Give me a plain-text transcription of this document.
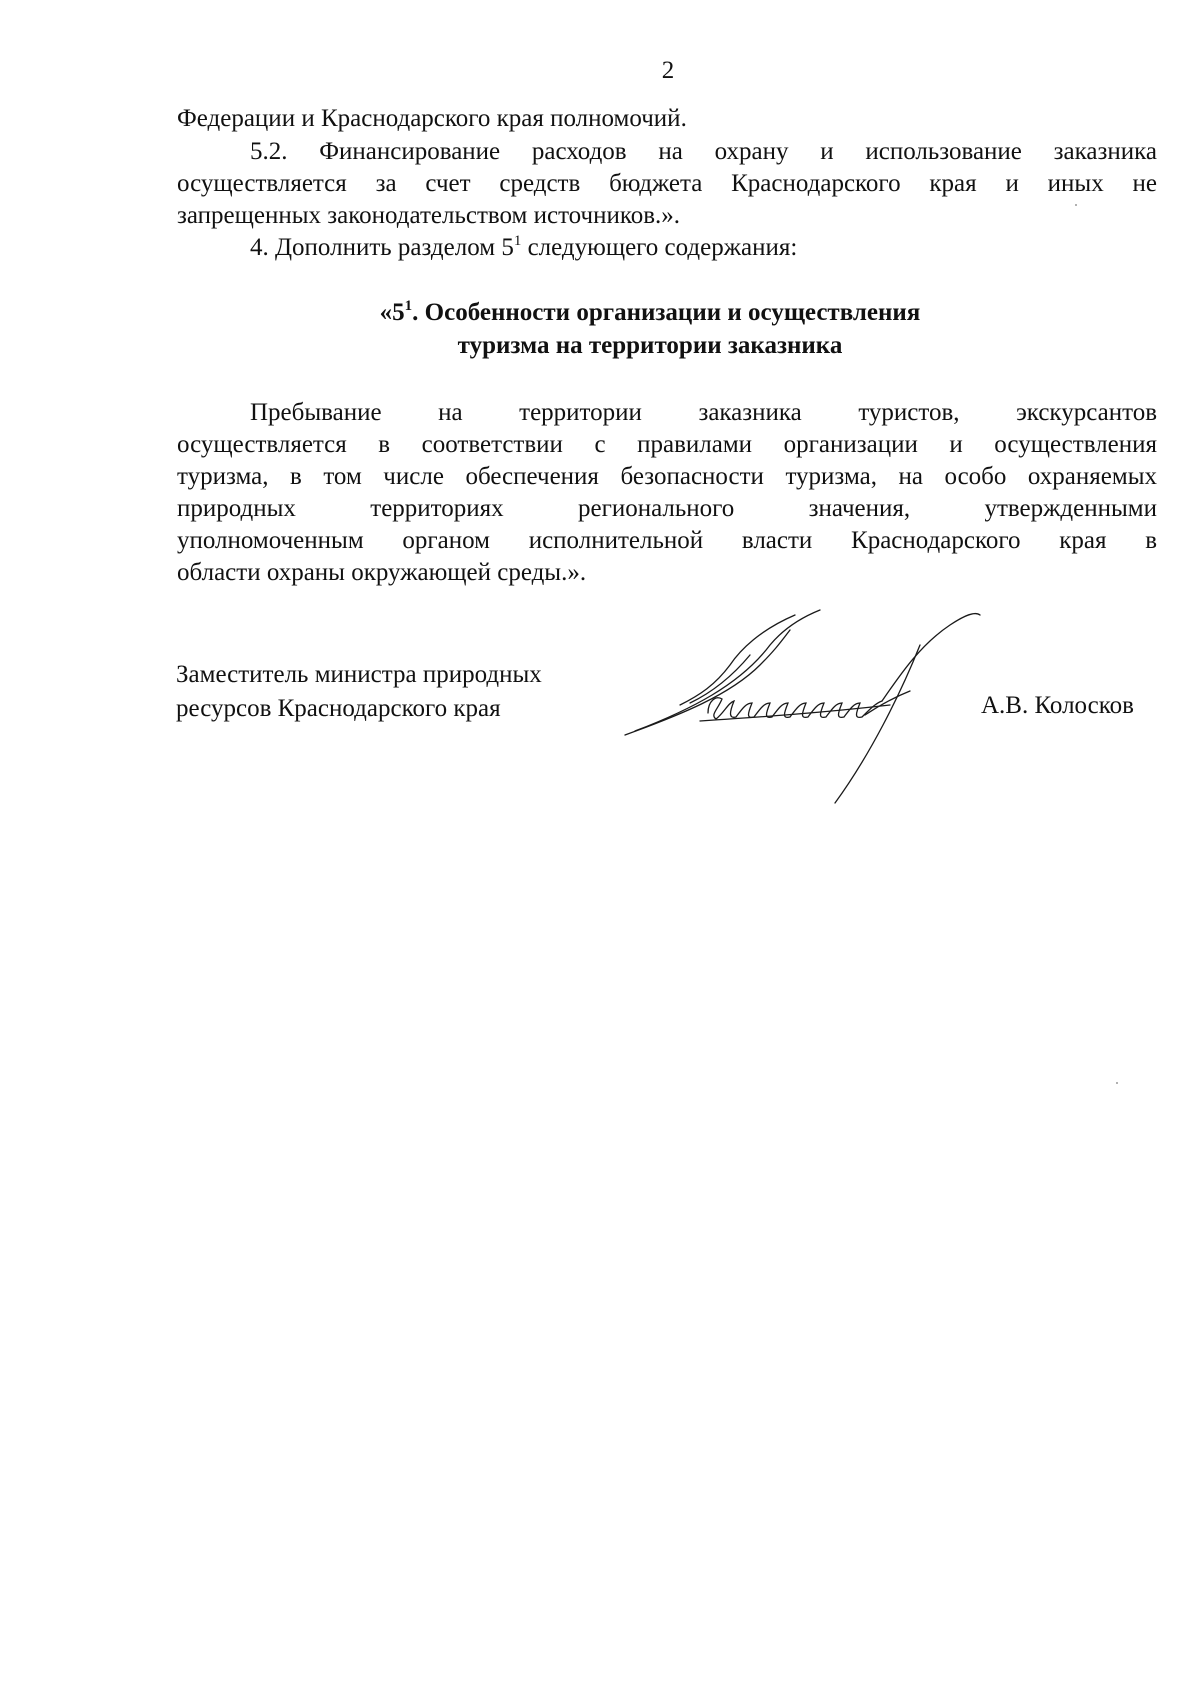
2
Федерации и Краснодарского края полномочий.
5.2. Финансирование расходов на охрану и использование заказника
осуществляется за счет средств бюджета Краснодарского края и иных не
запрещенных законодательством источников.».
4. Дополнить разделом $5^1$ следующего содержания:
«$5^1$. Особенности организации и осуществления
туризма на территории заказника
Пребывание на территории заказника туристов, экскурсантов
осуществляется в соответствии с правилами организации и осуществления
туризма, в том числе обеспечения безопасности туризма, на особо охраняемых
природных территориях регионального значения, утвержденными
уполномоченным органом исполнительной власти Краснодарского края в
области охраны окружающей среды.».
Заместитель министра природных
ресурсов Краснодарского края	А.В. Колосков
